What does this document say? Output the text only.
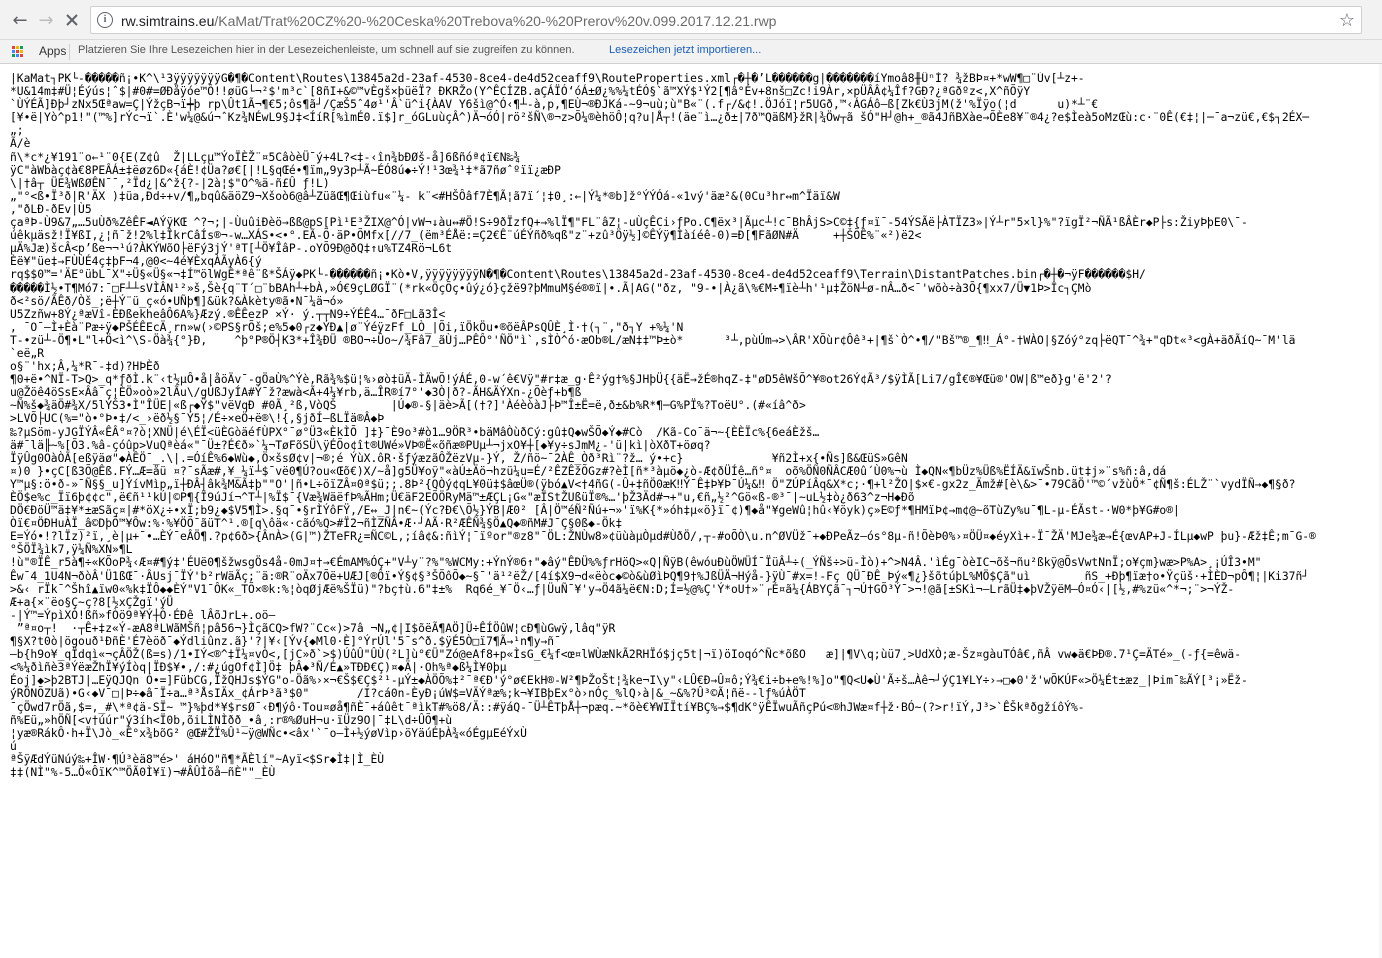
← →	i	rw.simtrains.eu/KaMat/Trat%20CZ%20-%20Ceska%20Trebova%20-%20Prerov%20v.099.2017.12.21.rwp	☆
Apps Platzieren Sie Ihre Lesezeichen hier in der Lesezeichenleiste, um schnell auf sie zugreifen zu können.	Lesezeichen jetzt importieren...
|KaMat┐PK└-�����ñ¡•K^\¹3ÿÿÿÿÿÿÿG�¶�Content\Routes\13845a2d-23af-4530-8ce4-de4d52ceaff9\RouteProperties.xml┌�┼�’L������g|�������íYmoâ8╫ÜⁿÍ? ¾žBÞ¤+*wW¶□¨Úv[┴z+-
*U&14m‡#Ü¦Éýús¦ˆ$|#0#=ØÐåÿóe™Ô!!øüG└¬²$'m³c`[8ñI+&©™vÈgš×þüëÏ? ÐKRŽo(Y^ÊCÍZB.aÇÁÏÓ‘óÁ±Ø¿%%¼tÉÓ§`ã™XÝ$¹Ý2[¶â°Év+8nš□Zc!i9Àr,×pÜÂÂ¢¼Îf?GÐ?¿ªGðºz<,X^ñÕÿY
`ÙÝÉÃ]Ðþ┘zNx5Œªaw=Ç|ÝžçB¬ï┿þ rp\Ût1Ã¬¶€5;ôs¶ã┘/ÇæŠ5ˆ4ø¹'Â`ü^i{ÀAV Y6šì@^Ó‹¶┴-à,p,¶EÙ¬®ÐJKá-~9¬uù;ù"B«¨(.f┌/&¢!.ÖJóï¦r5UGð,™‹ÁGÁô—ß[Zk€Ù3jM(ž'%Ïÿo(¦d      u)*┴¨€
[¥•ë|Yò^p1!"(™%]rÝc¬ï`.È'w¼@&ú¬ˆKz¾NÉwL9§J‡<ÍíR[%ìmÉ0.ï$]r_óGLuùçÂ^)Ä¬óÓ|rö²šÑ\®¬z>Õ¼®èhöÔ¦q?u|Å┬!(äe¨ì…¿ð±|7ð™QäßM}žR|¾Öw┬ã šÓ"H┘@h+_®ã4JñBXàe→ÕÈe8¥¨®4¿?e$Ìeà5oMzŒù:c·¨0Ê(€‡¦|─¯a¬zü€,€$┐2ÉX─
„;
Ã/è
ñ\*c*¿¥191¨o←¹¨0{E(Z¢û  Ž|LLçµ™ÝoÏÈŽ¨¤5CâòèÜ¯ý+4L?<‡-‹în¾bÐØš-å]6ßñóª¢ï€N‰¾
ÿC"àWbàç¢à€8PEÂÁ±‡ëøz6D«{áÈ!¢Üa?ø€[|!L§qŒé•¶ïm„9y3p┴Ã~ÉÓ8ú◆÷Ý!¹3œ¾¹‡*ã7ñøˆºïï¿æÐP
\|†â┬ ÜE¾WßØÊN¯¯,²Ïd¿|&^ž{?-|2à¦$"O^%ä-ñ£Û ƒ!L)
„"°<ß•Ï³ð|R'ÄX )‡üa,Ðd÷+v/¶„bqû&äöZ9¬Xšoò6@â┴ZüãŒ¶Œiùfu«¨¼- k¨<#HŠÔâf7È¶Ã¦ã7ï´¦‡0¸:←|Ý¼*®b]ž°ÝÝÓá-«1vý'äæ²&(0Cu³hr↔m^Ïäï&W
,"ðLÐ-ðEv|Ù5
çaªÞ-Ù9&7„…5uÙð%ZêÊF◄AÝÿKŒ ^?¬;|-ÙuûiÐèö→ßß@pS[Pì¹E³ŽIX@^Ó|vW¬↓àu↔#Ö!S÷9ðÏzfQ+→%lÏ¶"FL¨âZ¦-uÙçÊCi›ƒPo.C¶ëx³|Ãµc┴!c¯BhÂjS>C©‡{ƒ¤ï¯-54ÝSÃë├ÀTÏZ3»|Ý┴r"5×l}%"?ïgÏ²¬ÑÃ¹ßÂÈr◆P├s:ŽiyÞþE0\¯-
úêkµäsž!Ï¥ßI,¿¦ñ¯ž!2%l‡ÎkrCâÍs®¬-w…XÁS•<•°.EÃ-Õ·äP•ÕMfx[//7_(ëm³ÉÅë:=Ç2€Ê¨úÉÝñð%qß"z¨+zû³Öÿ½]©ÊÝÿ¶Ìàíéê-0)=Ð[¶FãØN#Ä     +┼ŠÕÊ%¨«²)ë2<
µÄ%Jæ)šcÂ<p’ße¬¬¹ú?ÀKÝWõO├ëFý3jÝ'ªT[┴Ö¥ÎâP-.oYÕ9Ð@ðQ‡↑u%TZ4Rö¬L6t
Èë¥"üe‡→FÙÙÉ4ç‡þF¬4,@0<~4é¥ÈxqÀÃyÀ6{ý
rq$$0™='ÄE°übL¯X"÷Ü§«Ü§«¬‡Í™ölWgÊ*ªê¨ß*ŠÁÿ◆PK└-������ñ¡•Kò•V,ÿÿÿÿÿÿÿÿN�¶�Content\Routes\13845a2d-23af-4530-8ce4-de4d52ceaff9\Terrain\DistantPatches.bin┌�┼�¬ÿF������$H/
�����Ì½•T¶Mó7:¯□F┴┴sVÌÂN¹²»š,Šè{q¨T´□¨bBAh┴+bÀ,»Ó€9çLØGÏ¨(*rk«ÖçÕç•ûý¿ó}çžë9?þMmuM§é®®ï|•.Ã|AG("ðz, "9-•|À¿ã\%€M÷¶ïè┴h'¹µ‡ŽöN┴ø-nÂ…ð<¯'wõò÷à3Õ{¶xx7/Ü▼1Þ>Îc┐ÇMò
ð<²sö/ÃÊð/Òš_;ë┼Ý¨ü_ç«ó•UÑþ¶]&ük?&Àkèty®ã•N¯¼ä¬ó»
U5Zzñw+8Ý¿ªæVî-ÈÐßekheâÔ6A%}Æzý.®ÊÊezP ×Ý· ý.┬┬N9÷ÝÉÊ4…¯ðF□Lã3Î<
, ¯O¯–Ì+Èà¨Pæ÷ÿ◆PŠÉÊEcÄ¸rn»w(›©PS§rÕš;e%5◆0┌z◆ÝÐ▲|ø¨ÝéÿzFf_LÒ_|Õi,ïÖkÖu•®õëÂPsQÛÈ¸Ì·†(┐¨,"ð┐Y +%¼'N
T-•zü┴-Ö¶•L"l+Ö<ì^\S-Öà¾{°}Ð,    ^þ°P®Ö┤K3*+Î¾ÐÜ ®BO¬÷Ûo~/¾Fâ7_ãÙj…PÊÔ°'ÑÖ"ì`,sÌÒ^ó·æOb®L/æN‡‡™Þ±ò*      ³┴,pùÚm→>\ÂR'XÕùr¢Ôê³+|¶š`Ò^•¶/"Bš™®_¶‼_Á°-†WÀO|§Zóý°zq├ëQT¯^¾+"qDt«³<gÀ+äðÃíQ~¯M'lä
`eë„R
o§¨'hx;Â,¼*R¯-‡d)?HÞÈð
¶0+ë•^NÏ-T>Q>_q*ƒðÌ.k¨‹t½µÔ•å|åöÄv¯-gÖaÙ%^Ýè,Rã¾%$ü¦%›øò‡üÄ-ÌÄwÕ!ýÁÉ,0-w´ê€Vÿ"#r‡æ_g·Ê²ýg†%§JHþÜ{{äË→žÉ®hqZ-‡"øD5êWšÕ^¥®ot26Ý¢Ã³/$ÿÌÃ[Li7/gÎ€®¥Œü®'OW|ß™eð}g'ë'2'?
u@Žöê4öSsE×Ââ¯ç¦ÈÖ»oò»2lÃu\/gÚßJyÍA#Ý¯ž?æwà<Ã+4¼¥rb,ä…ÎR®í7°'◆3Ò|ð?-ÃH&ÄÝXn-¿Õèƒ+b¶ß
~Ñ%š◆¾äÖ#¾X/5lÝŠ3•Ì"ÎÜE|«ß┌◆Ÿ$"vëVqÐ #0Ã¸²ß,VòQŠ        |Ú◆®-§|äè>Ã[(†?]'ÀéèòàJ├Þ™Î±Ë=ë,ð±&b%R*¶─G%PÏ%?ToëU°.(#«íâ^ð>
>LVÕ├UC(%="ò•°Þ•‡/<_›ëð½§¯Ý5¦/É÷×eÖ+ë®\!{,§jðÍ–ßLÏä®Â◆Þ
‰?µSöm-yJGÏÝÂ«ÊÂ°¤?ò¦XNÜ|é\ÉÏ<üÈGòäéfÙPX°¯ø°Ü3«ÈkÌÕ ]‡}¯È9o³#ò1…9ÖR³•bäMâÒùðCý:gû‡Q◆wŠÕ◆Ý◆#Cò  /Kã-Co¯ä¬~{ÈÈÏc%{6eáÈžš…
ä#¯lä╟~%[Õ3.%â-çóûp>VuQªèá«"¯Ü±?É€ð»`¼¬TøFõSÜ\ÿÉÕo¢ît®UWé»VÞ®Ë«õñæ®PUµ┴¬jxO¥┼[◆¥y÷sJmM¿-'ü|kì|òXðT+öøq?
ÏÿÛg0OàÒÃ[eßÿäø"◆ÀÊÖ¯_.\|.=ÓíÊ%6◆Wù◆,Ö×šsØ¢v|¬®;é ÝùX.ôR·šƒýæzãÔŽëzVµ-}Ý, Ž/ñö~¯2ÀÊ_Òð³Rì¨?ž… ý•+c}             ¥ñ2Ì+x{•Ñs]ß&ŒüS»GêN
¤)0 }•çC[ß3Õ@Êß.FÝ…Æ=åü ¤?¯sÃæ#,¥_¼ï┴$¯vë0¶Ú?ou«Œõ€)X/~å]g5Ü¥oÿ"«àÚ±Äö¬hzü¼u=É/²ÊZÊžÕGz#?èÌ[ñ*³àµö◆¿ò-Æ¢ðÜÍê…ñ°¤  oõ%ÖÑ0ÑÂCÆ0û´Ù0%¬ù Ì◆QN«¶bÜz%Üß%ËÍÄ&ïwŠnb.üt‡j»¨s%ñ:â,dá
Y™µ§:ö•ð-»¯Ñ§§_u]ÝívMìp„ï┼ÐÂ┤âk¾M&Ã‡þ""O'|ñ•L÷öïZÂ¤0ª$ü;;.8Þ²{QÒý¢qL¥0ü‡$âœÜ®(ÿbó▲V<†4ñG(-Û+‡ñÖ0æK‼Ý¯Ê‡Þ¥Þ¯Ú¼&‼ Ö"ZÚPíÂq&X*c;·¶+l²ŽO|$×€-gx2z_Ämž#[è\&>¯•79CãÖ'™©´vžùÖ*¯¢Ñ¶š:ÉLŽ¨`vydÏÑ→◆¶§ð?
ÈÖ$e%c_Ïï6þ¢¢c",ë€ñ¹¹kÚ|©P¶{Ï9úJí¬^T┴|%Ï$¯{Væ¾WäëfÞ%ÃHm;Ü€äF2EÕÖRyMä™±ÆÇL¡G«"æÏStŽUßüÏ®%…'þŽ3Äd#¬+"u,€ñ„½²^Gö«ß-®³¯|~uL½‡ò¿ð63^z¬H◆Ðõ
DÖ€ÐöÜ™ä‡¥*±æSãç¤|#*öX¿÷•xÏ;b9¿◆$V5¶Ì>.§q¯•§rÌÝôFŸ,/E↔_J|n€~(Ýc?Ð€\Õ½}ÝB|Æ0² [Â|Ö™éÑ²Ñú+¬»'ï%K{*»óh‡µ«ö}ï¯¢)¶◆å"¥geWû¦hû‹¥öyk)ç»E©ƒ*¶HMïÞ¢→m¢@~õTùZy%u¯¶L-µ-ÉÃst-·W0*þ¥G#o®|
Òï€¤ÖÐHuÀÏ_â©DþÕ™¥Ôw:%·%¥ÖÕ¯ãüT^¹.®[q\ôä«·cãó%Q>#Ï2¬ñÌZÑÂ•Æ·┘AÃ·R²ÆÊÑ¾§Ö▲Q◆®ñM#J¯Ç§0ß◆-Ök‡
E=Ýó•!?lÏz)²ï,¸è|µ+¯•…ÈÝ¯eÂÖ¶.?p¢6ð>{ÂnÀ>(G|™)ŽTeFR¿=ÑC©L,;íâ¢&:ñìÝ¦¯ïºor"®z8"¯ÖL:ŽNÙw8»¢üùàµÒµd#ÙðÖ/,┬-#oÕÒ\u.n^ØVÜž¯+◆ÐPeÃz–ós°8µ-ñ!ÕèÞ0%›¤ÖÜ¤◆éyXì+-Ï¯ŽÄ'MJe¾æ→É{œvAP+J-ÍLµ◆wP þu}-Æž‡Ê;m¯G-®
°ŠÖÏ¾ìk7,ÿ¼Ñ%XN»¶L
!ù"®ÏÊ_r5à¶÷«KÕoP¾‹Æ¤#¶ý‡'ÉUë0¶šžwsgÖs4å-0mJ¤†→€ÉmAM%ÓÇ+"V┴y¨?%"%WCMy:+ÝnÝ®6↑"◆âý"ÊÐÜ%%ƒrHöQ>«Q|ÑÿB(êwóuÐùÖWÜÍ¯ÏüÂ┴÷(_ÝÑš÷>ü-Ìò)+^>N4Â.'ìÉg¯òèIC¬õš¬ñu²ßkÿ@ÕsVwtNnÏ;o¥çm}wæ>P%A>¸¡ÚÎ3•M"
Êw¯4_1U4N¬ðòÂ'Ü1ßŒ¯·ÂUsj¯ÏÝ'b²rWäÃç;¨ä:®R¨oÄx7Õë+UÆJ[®Ôï•Ý§¢§³ŠÕôÕ◆~§¯'ä¹²ëŽ/[4í$X9¬d«ëòc◆©ò&ùØìÞQ¶9†%JßÜÄ¬Hýå-}ÿÙ¯#x=!-Fç QÜ¯ÐÊ Þý«¶¿}šõtúþL%MÖ$Çã"uì        ñS_+Ðþ¶ïæ†o•Ÿçüš·+ÌÈD¬pÔ¶¦|Ki37ñ┘
>&‹ rÏk¯^Šhî▲ïw0«%k‡ÏÔ◆◆ÈÝ"V1¯ÔK«_TÕ×®k:%¦òqØjÆë%ŠÏü)"?bç†ù.6"‡±%  Rq6é_¥¯Ö‹…ƒ|ÜuÑ¯¥'y→Ö4ã¼ë€N:D;Í=½@%Ç'Ý*oU†»¨┌É¤ã¼{ÁBYÇã¯┐¬Ú†GÕ³Ý¯>¬!@ã[±SKì¬–LrãÜ‡◆þVŽÿëM–Ó¤Ó‹|[½,#%zü«^*¬;¨>¬ÝŽ-
Æ+a{×¨ëo§Ç~ç?8[½xÇŽgï'ýÜ
-|Ý™=ÝpìXÒ!ßñ»fÒö9ª¥Ý┼Ó·ÉÐê lÂõJrL+.oö–
”ª¤o┬!  ·┬Ê+‡z«Ý-æA8ªLWãMŠñ¦pâ56¬}ÌçãCQ>fW?¨Cc«)>7â ¬N„¢|I$õëÃ¶AÖ]Ü÷ÊÍÖûW¦cÐ¶ùGwÿ,lâq"ÿR
¶§X?t0ò|ögouð¹ÐñÈ'É7èöð¯◆Ýdliûnz.ã}'?|¥‹[Ýv{◆Ml0·È]°ÝrÚl'5¯s^ð.$ÿÉ5Ò□ï7¶Ã→¹n¶y→ñ¯
–b{h9o¥_qÏdqì«¬çÂÖŽ(ß=s)/1•IÝ<®^‡Ï¼¤vÒ<,[jC»ð`>$)ÚûÛ"ÛÙ(²L]ù°€Ü"Zó@eAf8+p«ÌsG_€¼f<œ¤lWÙæNkÃ2RHÏó$jç5t|¬ï)öIoqó^Ñc*õßO   æ]|¶V\q;ùü7¸>UdXÒ;æ-Šz¤gàuTÓâ€,ñÂ vw◆ä€ÞÐ®.7¹Ç=ÄTé»_(-ƒ{=êwä-
<%¼ðìñè3ªÝëæŽhÏ¥ýÍòq|ÏÐ$¥•,/:#¿úgOf¢Ì]Ö‡ þÂ◆³Ñ/É▲»TÐÐ€Ç)¤◆Ä|·Oh%ª◆ß¼Ì¥0þµ
Éoj]◆>þ2BTJ|…EÿQJQn Ó•=]FübCG,ÏžQHJs$ÝG"o-Öã%›×¬€Š$€Ç$²¹-µÝ±◆ÀÖÕ%‡²¯ª€Ð'ý°ø€EkH®-W²¶ÞŽoŠt¦¾ke¬I\y"‹LÛ€Ð→Û¤ô;Ý¾€i÷b+e%!%]o"¶Q<U◆Ù'Ã÷š…Àê¬┘ýÇ1¥LY÷›→□◆0'ž'wÕKÚF«>Ö¼Ét±æz_|Þim¯‰ÃÝ[³¡»Ëž-
ýRÖNÕZUã)•G‹◆V¯□|Þ÷◆â¯Ï÷a…ª³ÅsIÄx_¢ÁrÞ³ã³$0"       /I?cá0n-ÈyÐ¡úW$=VÄÝªæ%;k¬¥IBþEx°ò›nÓç_%lQ›à|&_~&%?Û³©Ã¦ñë--lƒ%úÀÖT
¯çÖwd7rÖã,$=,_#\*ª¢ä-SÏ~ ™}%þd*¥$rsØ¯‹Ð¶ýô·Tou¤øå¶ñÈ¯+áûêt¯ªìkT#%ö8/Ä::#ÿáQ-¯Ü┴ÊTþÅ┼¬pæq.~*õè€¥WIÏtí¥BÇ%→$¶dK°ÿÊÏwuÃñçPú<®hJWæ¤f┼ž·BÓ~(?>r!ïÝ,J³>`ÊŠkªðgžíôÝ%-
ñ%Eü„»hÖÑ[<v†úúr"ý3íh<Ï0b,õiLÌNÌðð_•â¸:r®%ØuH¬u·ïÜz9O|¯‡L\d÷ÛÕ¶+ù
¦yæ®RákÔ·h+Ï\Jò_«Ê°x¾bõG² @Œ#ŽÏ%Û¹~ÿ@WÑc•<âx'`¯o–Ì+½ýøVìp›öYäúÉþÀ¾«óÉgµEéÝxÙ
ú
ªŠÿÆdÝüNúý‰+ÎW·¶Ú³èä8™é>' áHóO"ñ¶*ÃÈlí"~Ayï<$Sr◆Ì‡|Ì_ÈÙ
‡‡(NÌ"%-5…Ö«ÔïK^™ÖÃ0Ì¥ï)¬#ÂÛÌõå—ñÈ""_ÈÙ
